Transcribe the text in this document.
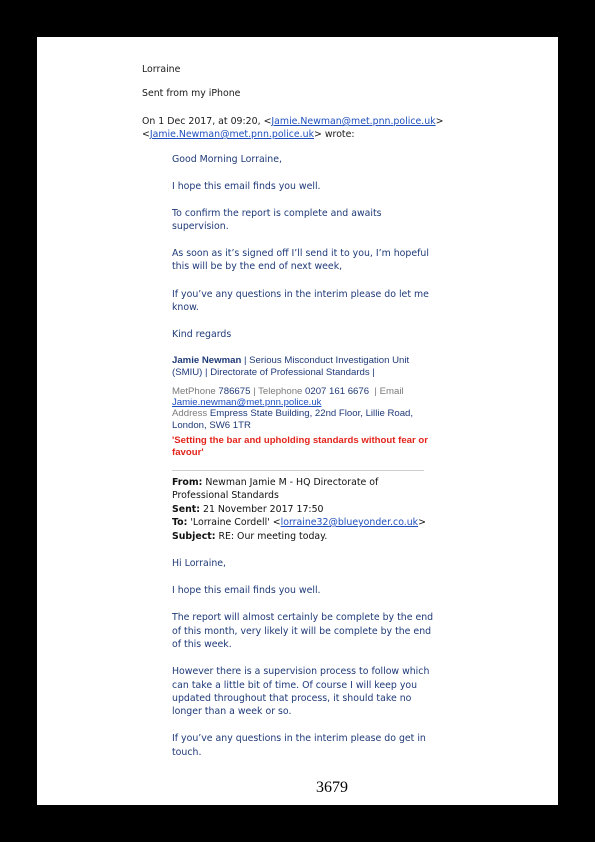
Lorraine
Sent from my iPhone
On 1 Dec 2017, at 09:20, <Jamie.Newman@met.pnn.police.uk>
<Jamie.Newman@met.pnn.police.uk> wrote:
Good Morning Lorraine,
I hope this email finds you well.
To confirm the report is complete and awaits
supervision.
As soon as it’s signed off I’ll send it to you, I’m hopeful
this will be by the end of next week,
If you’ve any questions in the interim please do let me
know.
Kind regards
Jamie Newman | Serious Misconduct Investigation Unit (SMIU) | Directorate of Professional Standards |
MetPhone 786675 | Telephone 0207 161 6676  | Email
Jamie.newman@met.pnn.police.uk
Address Empress State Building, 22nd Floor, Lillie Road, London, SW6 1TR
'Setting the bar and upholding standards without fear or favour'
From: Newman Jamie M - HQ Directorate of
Professional Standards
Sent: 21 November 2017 17:50
To: 'Lorraine Cordell' <lorraine32@blueyonder.co.uk>
Subject: RE: Our meeting today.
Hi Lorraine,
I hope this email finds you well.
The report will almost certainly be complete by the end
of this month, very likely it will be complete by the end
of this week.
However there is a supervision process to follow which
can take a little bit of time. Of course I will keep you
updated throughout that process, it should take no
longer than a week or so.
If you’ve any questions in the interim please do get in
touch.
3679
